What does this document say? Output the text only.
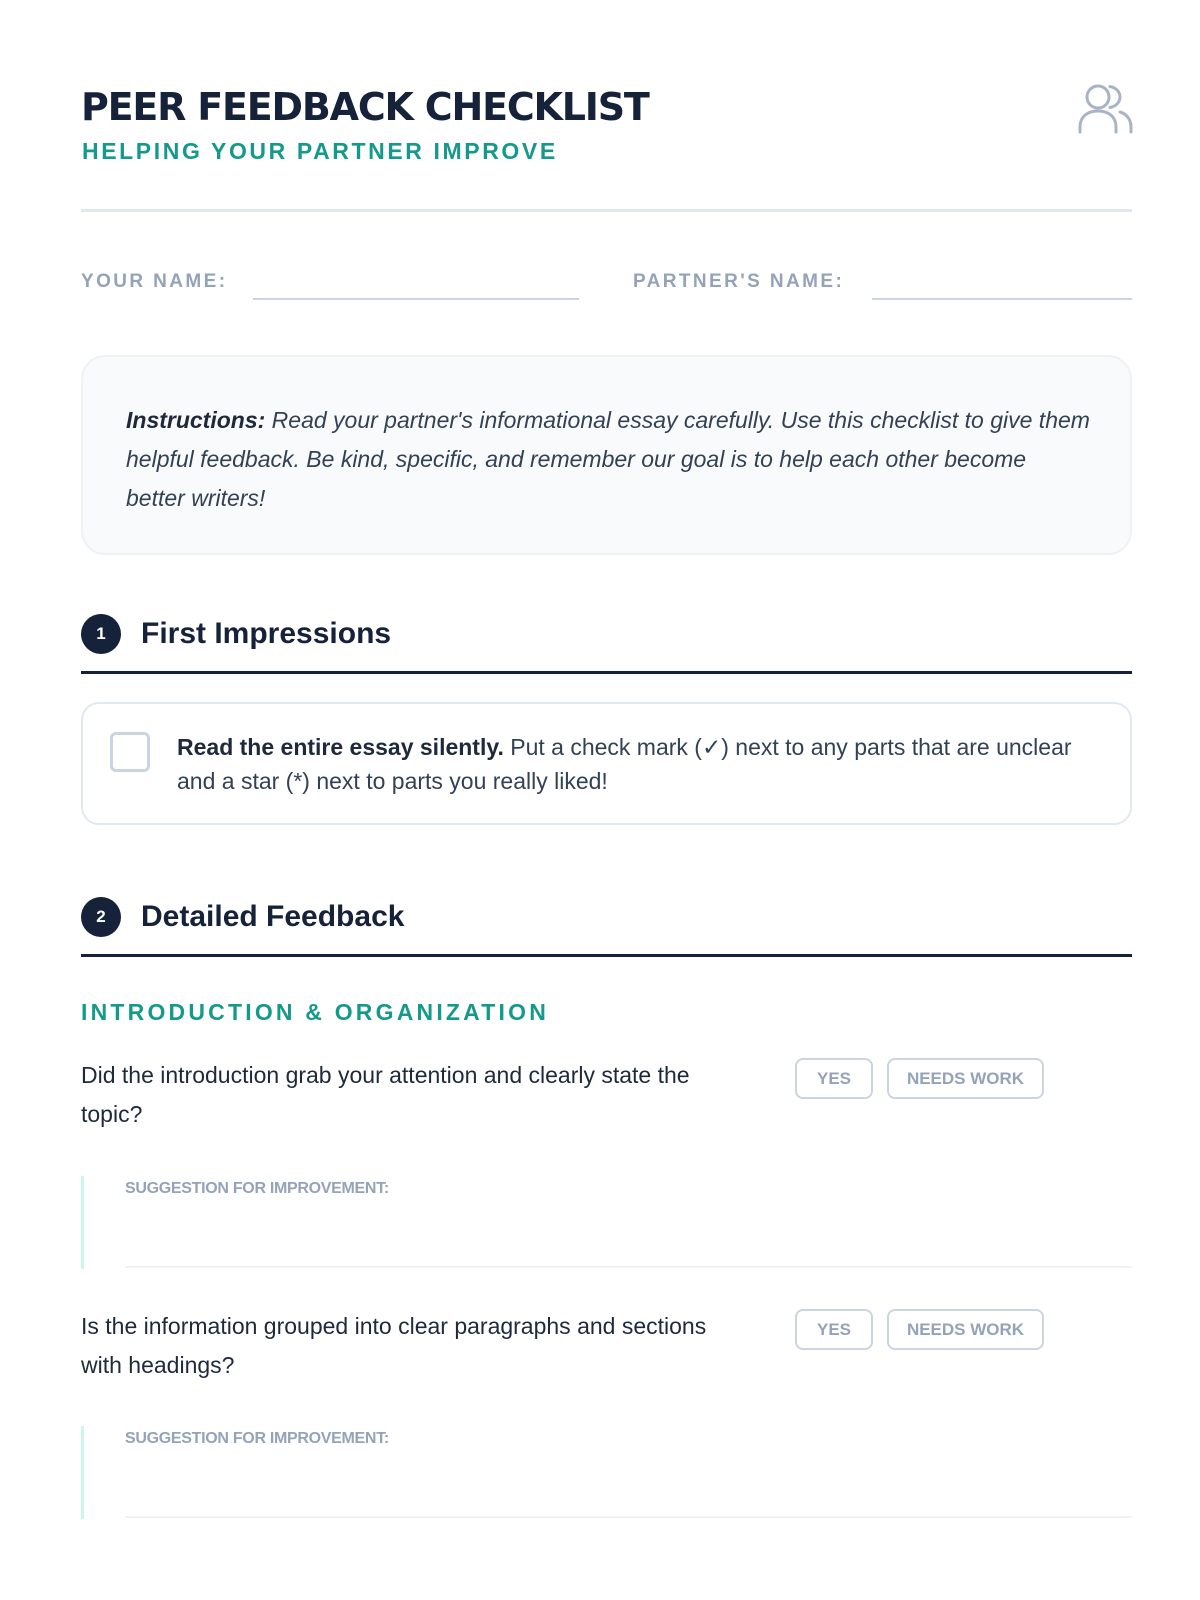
PEER FEEDBACK CHECKLIST
HELPING YOUR PARTNER IMPROVE
YOUR NAME:	PARTNER'S NAME:

Instructions: Read your partner's informational essay carefully. Use this checklist to give them helpful feedback. Be kind, specific, and remember our goal is to help each other become better writers!

1	First Impressions
Read the entire essay silently. Put a check mark (✓) next to any parts that are unclear and a star (*) next to parts you really liked!
2	Detailed Feedback
INTRODUCTION & ORGANIZATION
Did the introduction grab your attention and clearly state the topic?
YES	NEEDS WORK
SUGGESTION FOR IMPROVEMENT:
Is the information grouped into clear paragraphs and sections with headings?
YES	NEEDS WORK
SUGGESTION FOR IMPROVEMENT:
